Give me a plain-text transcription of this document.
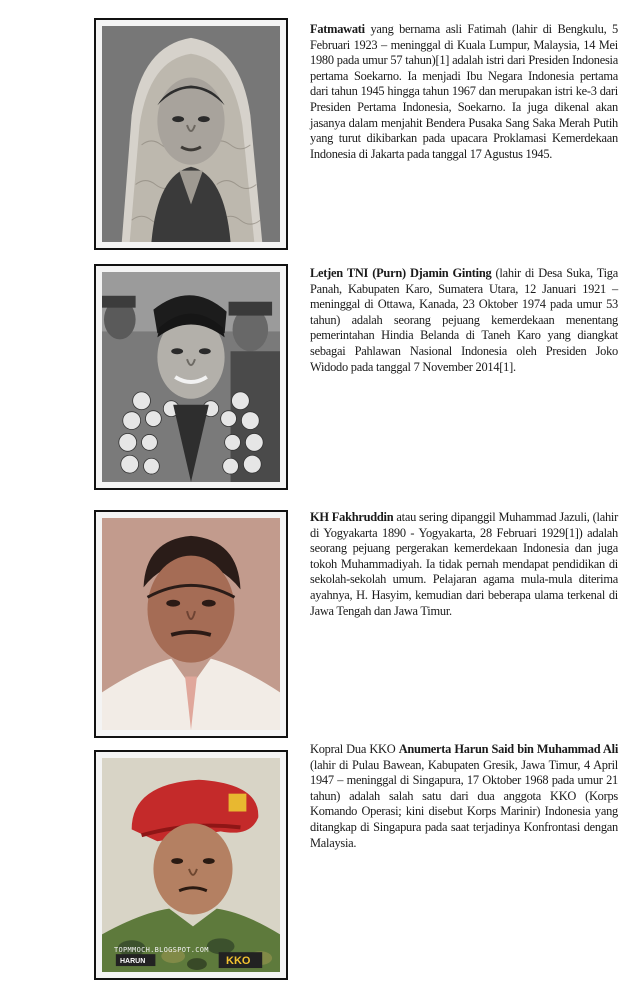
Fatmawati yang bernama asli Fatimah (lahir di Bengkulu, 5 Februari 1923 – meninggal di Kuala Lumpur, Malaysia, 14 Mei 1980 pada umur 57 tahun)[1] adalah istri dari Presiden Indonesia pertama Soekarno. Ia menjadi Ibu Negara Indonesia pertama dari tahun 1945 hingga tahun 1967 dan merupakan istri ke-3 dari Presiden Pertama Indonesia, Soekarno. Ia juga dikenal akan jasanya dalam menjahit Bendera Pusaka Sang Saka Merah Putih yang turut dikibarkan pada upacara Proklamasi Kemerdekaan Indonesia di Jakarta pada tanggal 17 Agustus 1945.
Letjen TNI (Purn) Djamin Ginting (lahir di Desa Suka, Tiga Panah, Kabupaten Karo, Sumatera Utara, 12 Januari 1921 – meninggal di Ottawa, Kanada, 23 Oktober 1974 pada umur 53 tahun) adalah seorang pejuang kemerdekaan menentang pemerintahan Hindia Belanda di Taneh Karo yang diangkat sebagai Pahlawan Nasional Indonesia oleh Presiden Joko Widodo pada tanggal 7 November 2014[1].
KH Fakhruddin atau sering dipanggil Muhammad Jazuli, (lahir di Yogyakarta 1890 - Yogyakarta, 28 Februari 1929[1]) adalah seorang pejuang pergerakan kemerdekaan Indonesia dan juga tokoh Muhammadiyah. Ia tidak pernah mendapat pendidikan di sekolah-sekolah umum. Pelajaran agama mula-mula diterima ayahnya, H. Hasyim, kemudian dari beberapa ulama terkenal di Jawa Tengah dan Jawa Timur.
TOPMMOCH.BLOGSPOT.COM
HARUN	KKO
Kopral Dua KKO Anumerta Harun Said bin Muhammad Ali (lahir di Pulau Bawean, Kabupaten Gresik, Jawa Timur, 4 April 1947 – meninggal di Singapura, 17 Oktober 1968 pada umur 21 tahun) adalah salah satu dari dua anggota KKO (Korps Komando Operasi; kini disebut Korps Marinir) Indonesia yang ditangkap di Singapura pada saat terjadinya Konfrontasi dengan Malaysia.
